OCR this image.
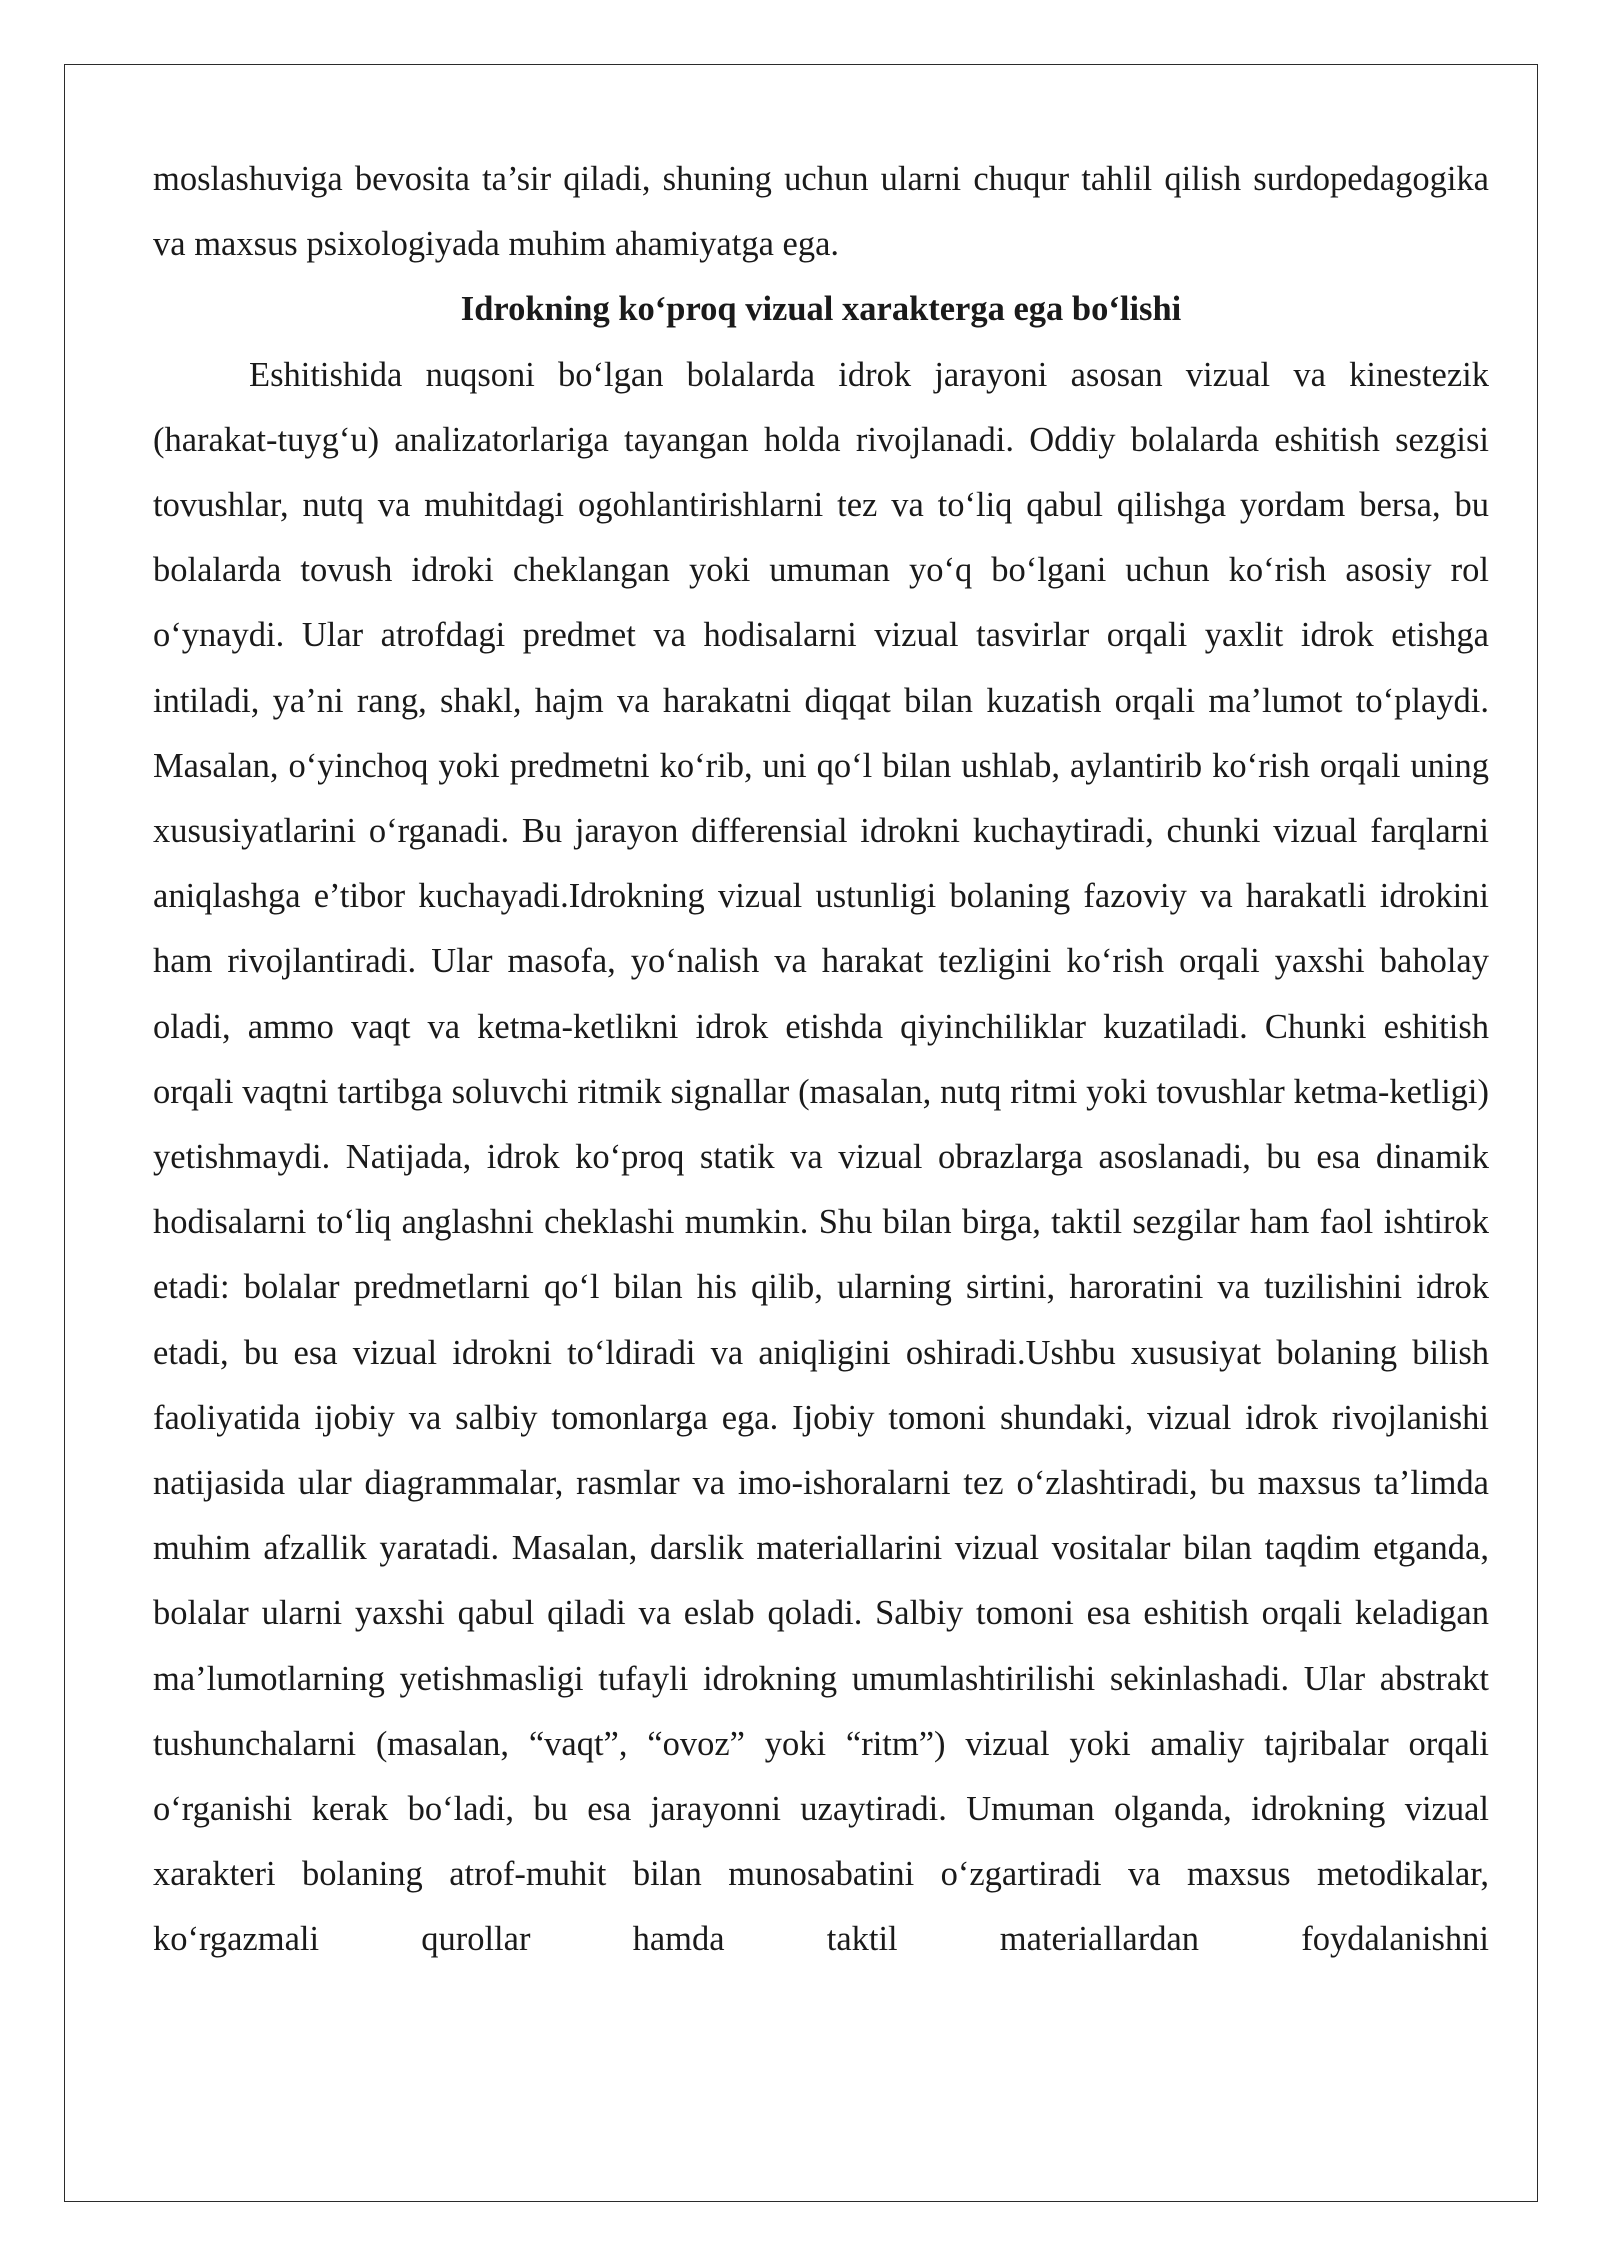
moslashuviga bevosita ta’sir qiladi, shuning uchun ularni chuqur tahlil qilish surdopedagogika va maxsus psixologiyada muhim ahamiyatga ega.

Idrokning ko‘proq vizual xarakterga ega bo‘lishi

Eshitishida nuqsoni bo‘lgan bolalarda idrok jarayoni asosan vizual va kinestezik (harakat-tuyg‘u) analizatorlariga tayangan holda rivojlanadi. Oddiy bolalarda eshitish sezgisi tovushlar, nutq va muhitdagi ogohlantirishlarni tez va to‘liq qabul qilishga yordam bersa, bu bolalarda tovush idroki cheklangan yoki umuman yo‘q bo‘lgani uchun ko‘rish asosiy rol o‘ynaydi. Ular atrofdagi predmet va hodisalarni vizual tasvirlar orqali yaxlit idrok etishga intiladi, ya’ni rang, shakl, hajm va harakatni diqqat bilan kuzatish orqali ma’lumot to‘playdi. Masalan, o‘yinchoq yoki predmetni ko‘rib, uni qo‘l bilan ushlab, aylantirib ko‘rish orqali uning xususiyatlarini o‘rganadi. Bu jarayon differensial idrokni kuchaytiradi, chunki vizual farqlarni aniqlashga e’tibor kuchayadi.Idrokning vizual ustunligi bolaning fazoviy va harakatli idrokini ham rivojlantiradi. Ular masofa, yo‘nalish va harakat tezligini ko‘rish orqali yaxshi baholay oladi, ammo vaqt va ketma-ketlikni idrok etishda qiyinchiliklar kuzatiladi. Chunki eshitish orqali vaqtni tartibga soluvchi ritmik signallar (masalan, nutq ritmi yoki tovushlar ketma-ketligi) yetishmaydi. Natijada, idrok ko‘proq statik va vizual obrazlarga asoslanadi, bu esa dinamik hodisalarni to‘liq anglashni cheklashi mumkin. Shu bilan birga, taktil sezgilar ham faol ishtirok etadi: bolalar predmetlarni qo‘l bilan his qilib, ularning sirtini, haroratini va tuzilishini idrok etadi, bu esa vizual idrokni to‘ldiradi va aniqligini oshiradi.Ushbu xususiyat bolaning bilish faoliyatida ijobiy va salbiy tomonlarga ega. Ijobiy tomoni shundaki, vizual idrok rivojlanishi natijasida ular diagrammalar, rasmlar va imo-ishoralarni tez o‘zlashtiradi, bu maxsus ta’limda muhim afzallik yaratadi. Masalan, darslik materiallarini vizual vositalar bilan taqdim etganda, bolalar ularni yaxshi qabul qiladi va eslab qoladi. Salbiy tomoni esa eshitish orqali keladigan ma’lumotlarning yetishmasligi tufayli idrokning umumlashtirilishi sekinlashadi. Ular abstrakt tushunchalarni (masalan, “vaqt”, “ovoz” yoki “ritm”) vizual yoki amaliy tajribalar orqali o‘rganishi kerak bo‘ladi, bu esa jarayonni uzaytiradi. Umuman olganda, idrokning vizual xarakteri bolaning atrof-muhit bilan munosabatini o‘zgartiradi va maxsus metodikalar, ko‘rgazmali qurollar hamda taktil materiallardan foydalanishni
